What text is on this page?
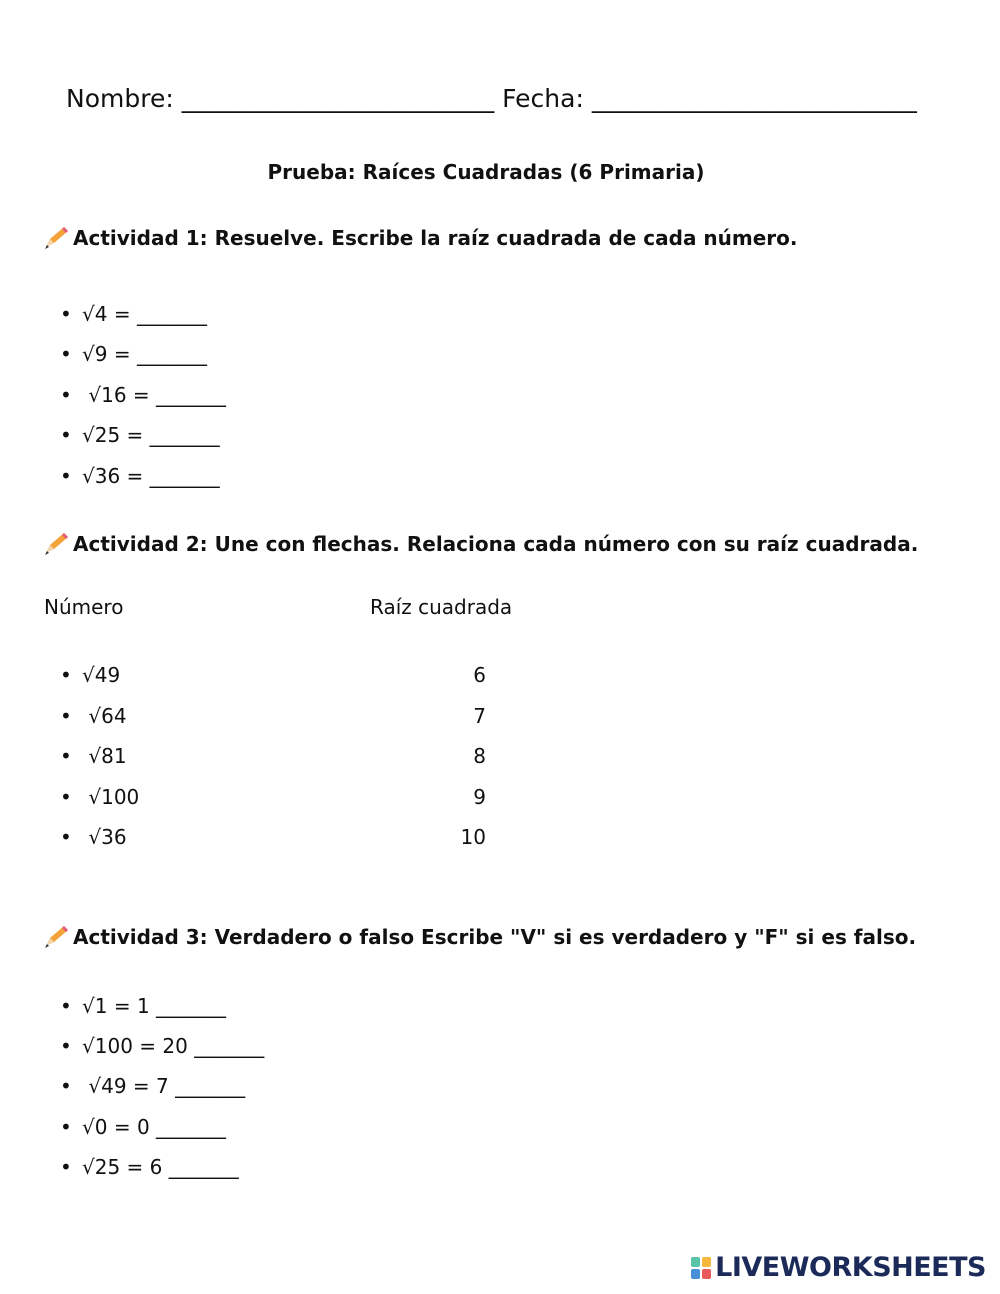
Nombre: _________________________ Fecha: __________________________
Prueba: Raíces Cuadradas (6 Primaria)
Actividad 1: Resuelve. Escribe la raíz cuadrada de cada número.
• √4 = _______
• √9 = _______
• √16 = _______
• √25 = _______
• √36 = _______
Actividad 2: Une con flechas. Relaciona cada número con su raíz cuadrada.
Número	Raíz cuadrada
• √49
• √64
• √81
• √100
• √36
6
7
8
9
10
Actividad 3: Verdadero o falso Escribe "V" si es verdadero y "F" si es falso.
• √1 = 1 _______
• √100 = 20 _______
• √49 = 7 _______
• √0 = 0 _______
• √25 = 6 _______
LIVEWORKSHEETS
